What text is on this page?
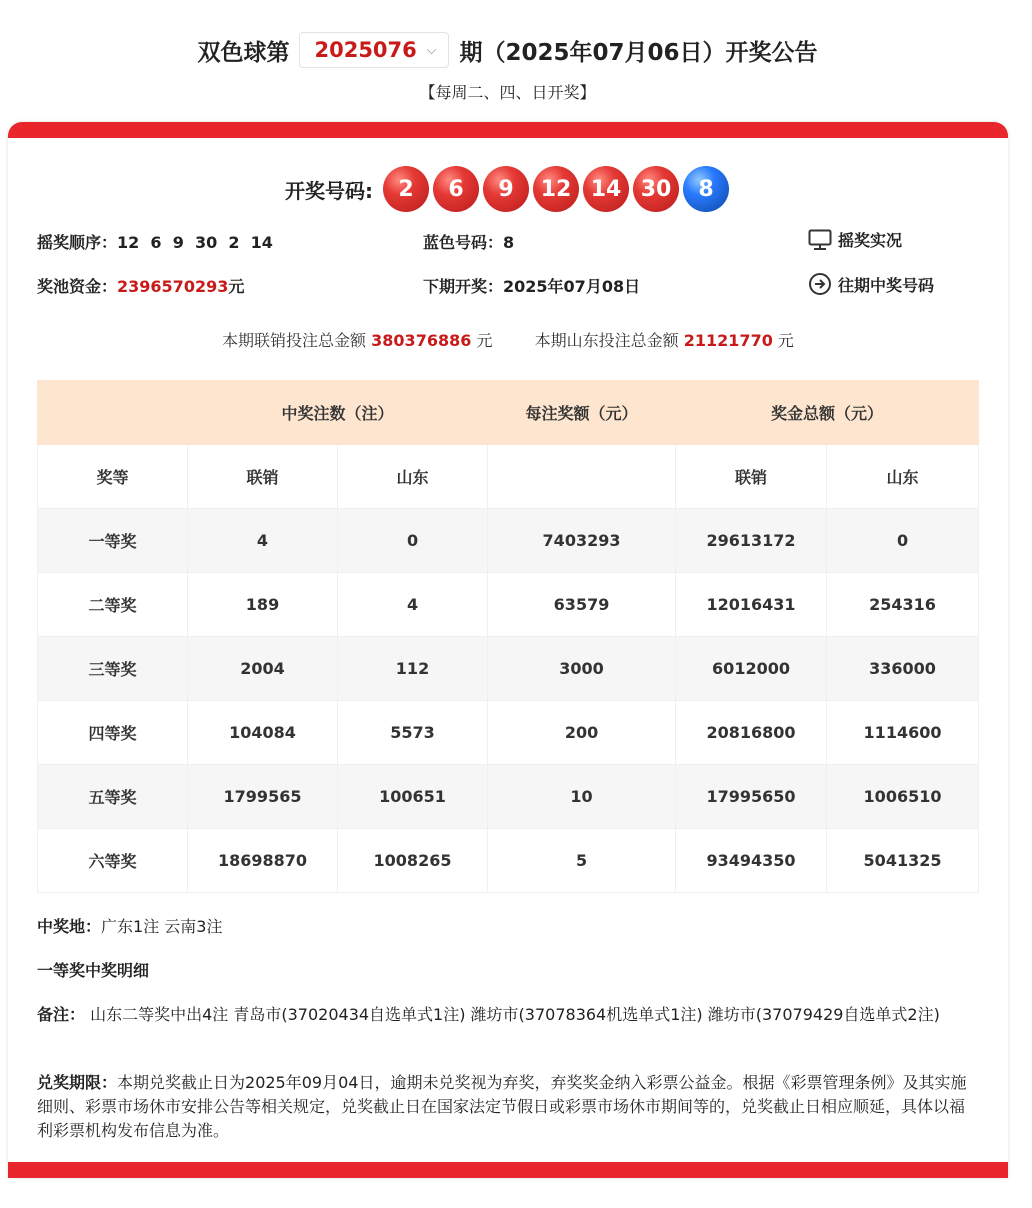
双色球第 2025076 ⌵ 期（2025年07月06日）开奖公告
【每周二、四、日开奖】
开奖号码:	2	6	9	12 14 30	8
摇奖顺序：12  6  9  30  2  14	蓝色号码：8	摇奖实况
奖池资金：2396570293元	下期开奖：2025年07月08日	往期中奖号码
本期联销投注总金额 380376886 元	本期山东投注总金额 21121770 元
	中奖注数（注）		每注奖额（元）	奖金总额（元）	
奖等	联销	山东		联销	山东
一等奖	4	0	7403293	29613172	0
二等奖	189	4	63579	12016431	254316
三等奖	2004	112	3000	6012000	336000
四等奖	104084	5573	200	20816800	1114600
五等奖	1799565	100651	10	17995650	1006510
六等奖	18698870	1008265	5	93494350	5041325
中奖地：广东1注 云南3注
一等奖中奖明细
备注： 山东二等奖中出4注 青岛市(37020434自选单式1注) 潍坊市(37078364机选单式1注) 潍坊市(37079429自选单式2注)
兑奖期限：本期兑奖截止日为2025年09月04日，逾期未兑奖视为弃奖，弃奖奖金纳入彩票公益金。根据《彩票管理条例》及其实施细则、彩票市场休市安排公告等相关规定，兑奖截止日在国家法定节假日或彩票市场休市期间等的，兑奖截止日相应顺延，具体以福利彩票机构发布信息为准。
